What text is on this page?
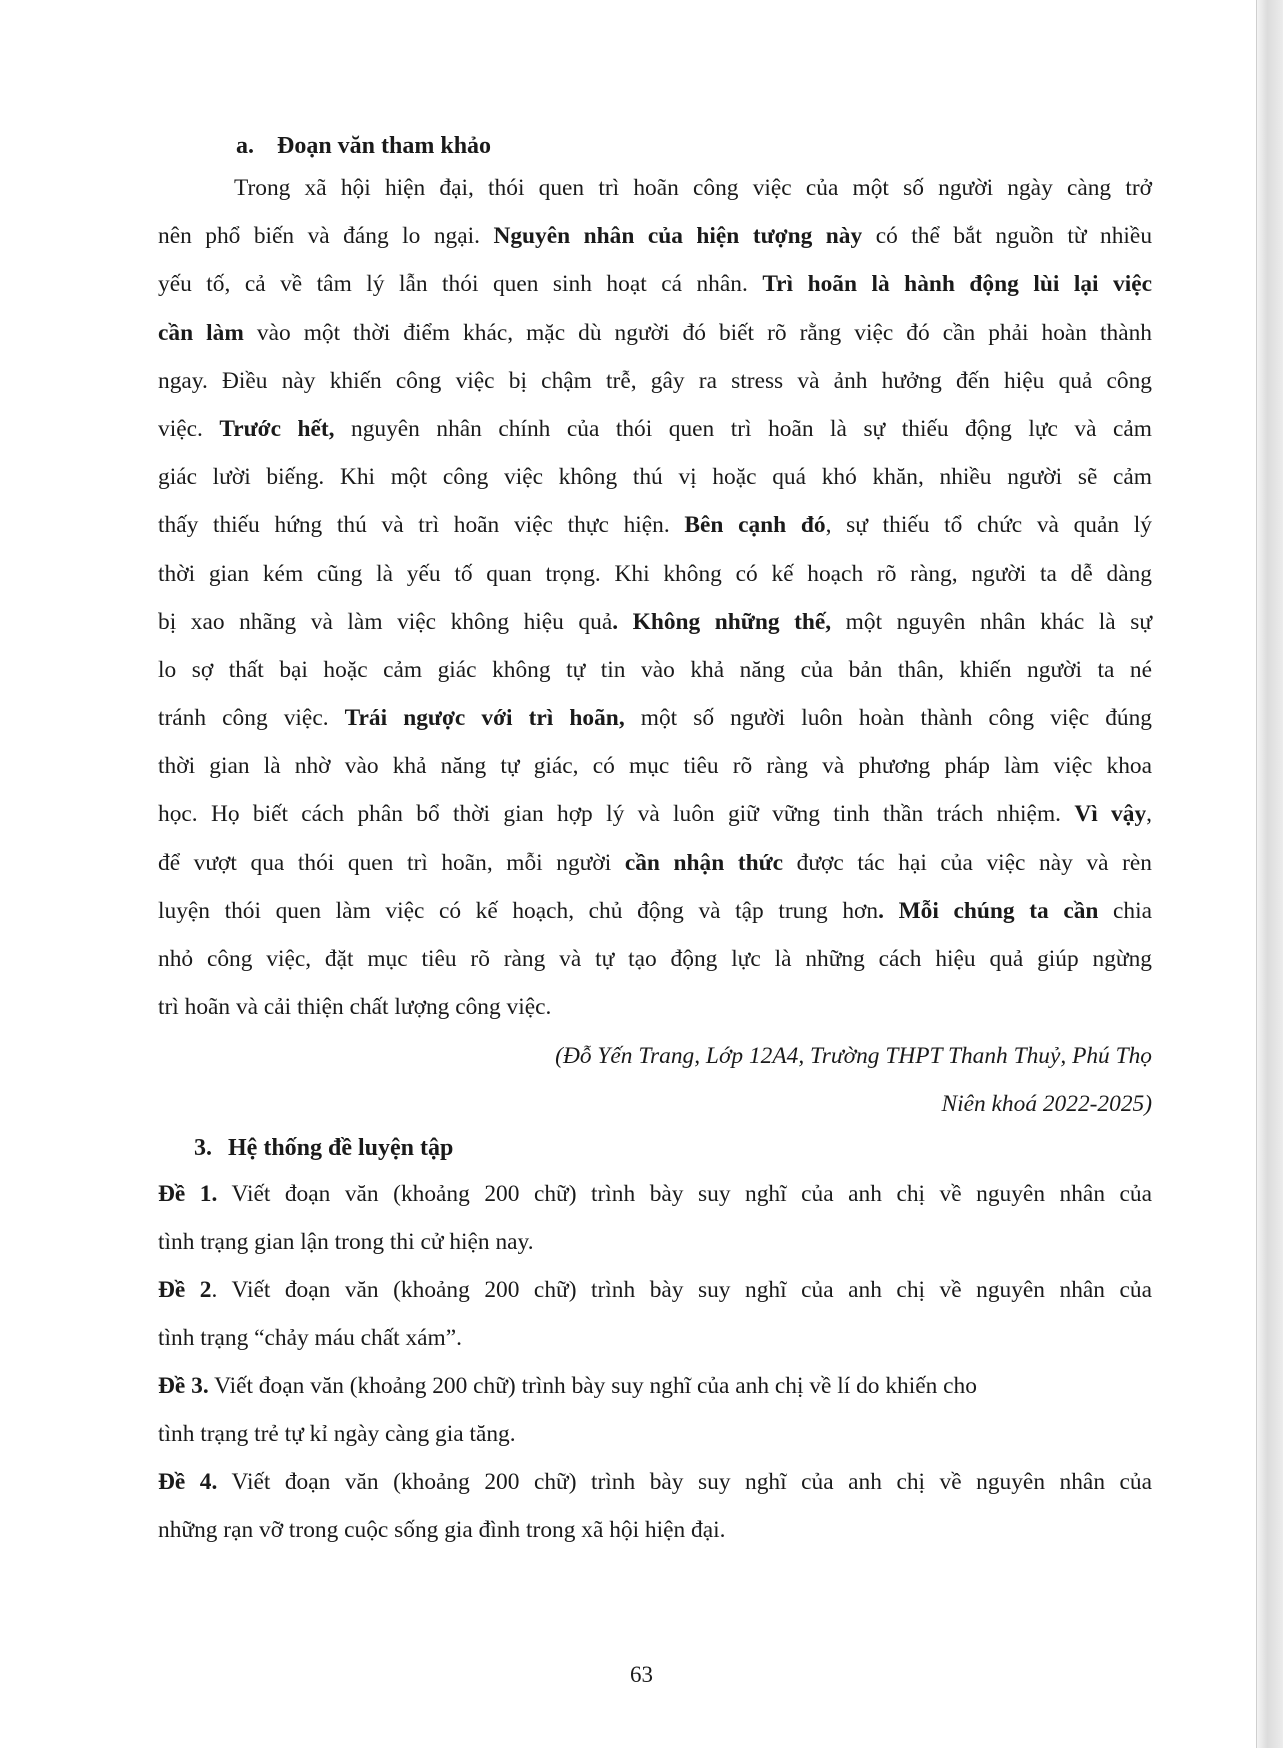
a. Đoạn văn tham khảo
Trong xã hội hiện đại, thói quen trì hoãn công việc của một số người ngày càng trở
nên phổ biến và đáng lo ngại. Nguyên nhân của hiện tượng này có thể bắt nguồn từ nhiều
yếu tố, cả về tâm lý lẫn thói quen sinh hoạt cá nhân. Trì hoãn là hành động lùi lại việc
cần làm vào một thời điểm khác, mặc dù người đó biết rõ rằng việc đó cần phải hoàn thành
ngay. Điều này khiến công việc bị chậm trễ, gây ra stress và ảnh hưởng đến hiệu quả công
việc. Trước hết, nguyên nhân chính của thói quen trì hoãn là sự thiếu động lực và cảm
giác lười biếng. Khi một công việc không thú vị hoặc quá khó khăn, nhiều người sẽ cảm
thấy thiếu hứng thú và trì hoãn việc thực hiện. Bên cạnh đó, sự thiếu tổ chức và quản lý
thời gian kém cũng là yếu tố quan trọng. Khi không có kế hoạch rõ ràng, người ta dễ dàng
bị xao nhãng và làm việc không hiệu quả. Không những thế, một nguyên nhân khác là sự
lo sợ thất bại hoặc cảm giác không tự tin vào khả năng của bản thân, khiến người ta né
tránh công việc. Trái ngược với trì hoãn, một số người luôn hoàn thành công việc đúng
thời gian là nhờ vào khả năng tự giác, có mục tiêu rõ ràng và phương pháp làm việc khoa
học. Họ biết cách phân bổ thời gian hợp lý và luôn giữ vững tinh thần trách nhiệm. Vì vậy,
để vượt qua thói quen trì hoãn, mỗi người cần nhận thức được tác hại của việc này và rèn
luyện thói quen làm việc có kế hoạch, chủ động và tập trung hơn. Mỗi chúng ta cần chia
nhỏ công việc, đặt mục tiêu rõ ràng và tự tạo động lực là những cách hiệu quả giúp ngừng
trì hoãn và cải thiện chất lượng công việc.
(Đỗ Yến Trang, Lớp 12A4, Trường THPT Thanh Thuỷ, Phú Thọ
Niên khoá 2022-2025)
3. Hệ thống đề luyện tập
Đề 1. Viết đoạn văn (khoảng 200 chữ) trình bày suy nghĩ của anh chị về nguyên nhân của
tình trạng gian lận trong thi cử hiện nay.
Đề 2. Viết đoạn văn (khoảng 200 chữ) trình bày suy nghĩ của anh chị về nguyên nhân của
tình trạng “chảy máu chất xám”.
Đề 3. Viết đoạn văn (khoảng 200 chữ) trình bày suy nghĩ của anh chị về lí do khiến cho
tình trạng trẻ tự kỉ ngày càng gia tăng.
Đề 4. Viết đoạn văn (khoảng 200 chữ) trình bày suy nghĩ của anh chị về nguyên nhân của
những rạn vỡ trong cuộc sống gia đình trong xã hội hiện đại.
63
